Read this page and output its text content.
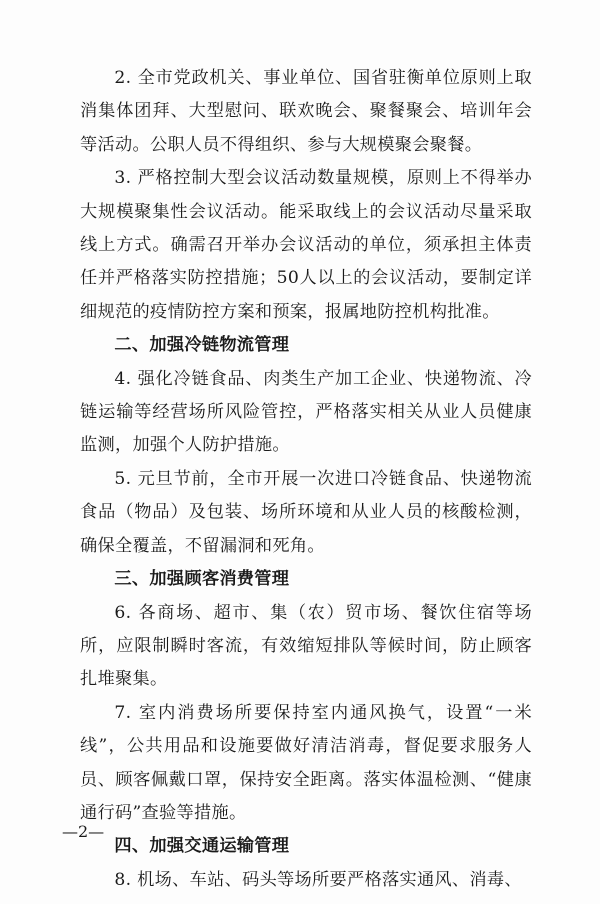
2. 全市党政机关、事业单位、国省驻衡单位原则上取消集体团拜、大型慰问、联欢晚会、聚餐聚会、培训年会等活动。公职人员不得组织、参与大规模聚会聚餐。

3. 严格控制大型会议活动数量规模，原则上不得举办大规模聚集性会议活动。能采取线上的会议活动尽量采取线上方式。确需召开举办会议活动的单位，须承担主体责任并严格落实防控措施；50人以上的会议活动，要制定详细规范的疫情防控方案和预案，报属地防控机构批准。

二、加强冷链物流管理

4. 强化冷链食品、肉类生产加工企业、快递物流、冷链运输等经营场所风险管控，严格落实相关从业人员健康监测，加强个人防护措施。

5. 元旦节前，全市开展一次进口冷链食品、快递物流食品（物品）及包装、场所环境和从业人员的核酸检测，确保全覆盖，不留漏洞和死角。

三、加强顾客消费管理

6. 各商场、超市、集（农）贸市场、餐饮住宿等场所，应限制瞬时客流，有效缩短排队等候时间，防止顾客扎堆聚集。

7. 室内消费场所要保持室内通风换气，设置“一米线”，公共用品和设施要做好清洁消毒，督促要求服务人员、顾客佩戴口罩，保持安全距离。落实体温检测、“健康通行码”查验等措施。

四、加强交通运输管理

8. 机场、车站、码头等场所要严格落实通风、消毒、

—2—
